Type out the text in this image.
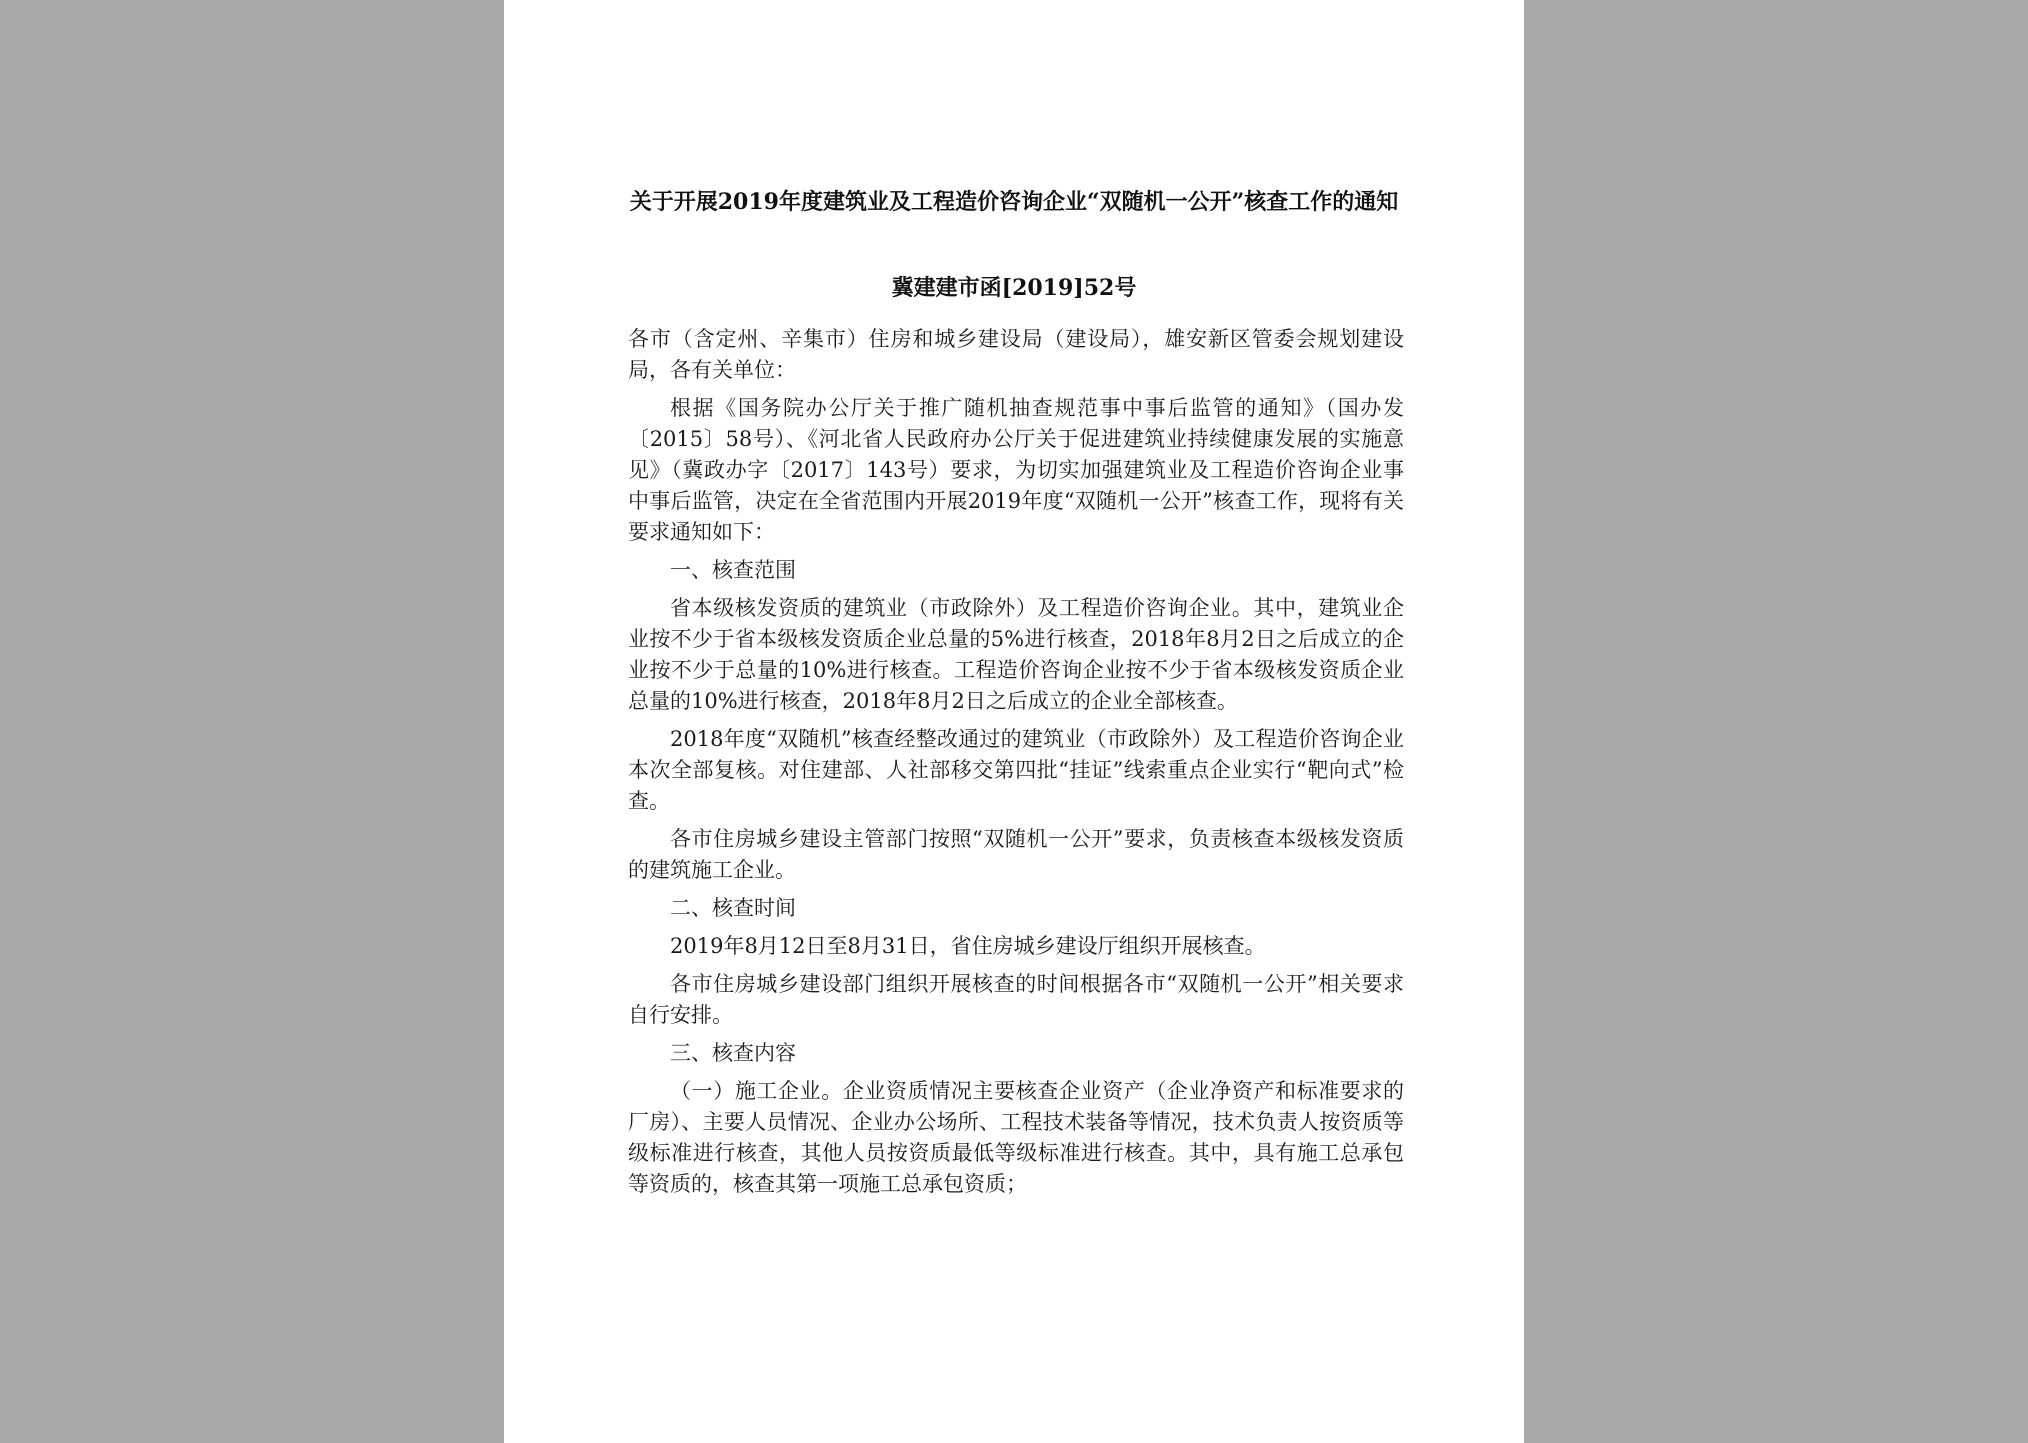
关于开展2019年度建筑业及工程造价咨询企业“双随机一公开”核查工作的通知
冀建建市函[2019]52号

各市（含定州、辛集市）住房和城乡建设局（建设局），雄安新区管委会规划建设局，各有关单位：

根据《国务院办公厅关于推广随机抽查规范事中事后监管的通知》（国办发〔2015〕58号）、《河北省人民政府办公厅关于促进建筑业持续健康发展的实施意见》（冀政办字〔2017〕143号）要求，为切实加强建筑业及工程造价咨询企业事中事后监管，决定在全省范围内开展2019年度“双随机一公开”核查工作，现将有关要求通知如下：

一、核查范围

省本级核发资质的建筑业（市政除外）及工程造价咨询企业。其中，建筑业企业按不少于省本级核发资质企业总量的5%进行核查，2018年8月2日之后成立的企业按不少于总量的10%进行核查。工程造价咨询企业按不少于省本级核发资质企业总量的10%进行核查，2018年8月2日之后成立的企业全部核查。

2018年度“双随机”核查经整改通过的建筑业（市政除外）及工程造价咨询企业本次全部复核。对住建部、人社部移交第四批“挂证”线索重点企业实行“靶向式”检查。

各市住房城乡建设主管部门按照“双随机一公开”要求，负责核查本级核发资质的建筑施工企业。

二、核查时间

2019年8月12日至8月31日，省住房城乡建设厅组织开展核查。

各市住房城乡建设部门组织开展核查的时间根据各市“双随机一公开”相关要求自行安排。

三、核查内容

（一）施工企业。企业资质情况主要核查企业资产（企业净资产和标准要求的厂房）、主要人员情况、企业办公场所、工程技术装备等情况，技术负责人按资质等级标准进行核查，其他人员按资质最低等级标准进行核查。其中，具有施工总承包等资质的，核查其第一项施工总承包资质；
